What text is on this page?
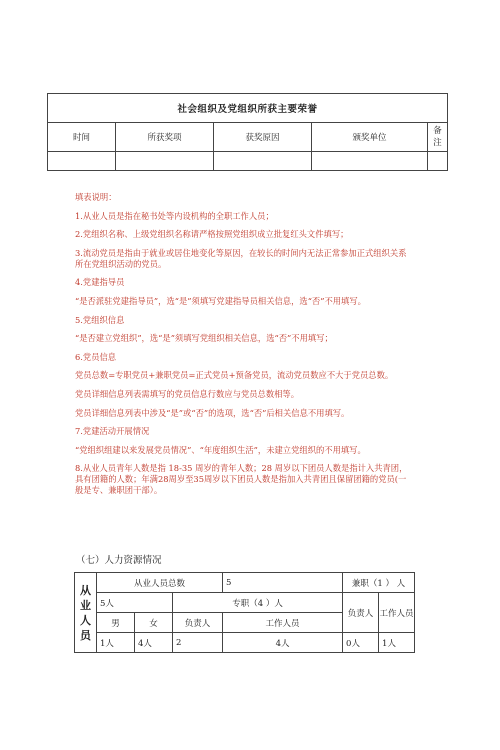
社会组织及党组织所获主要荣誉				
时间	所获奖项	获奖原因	颁奖单位	备
注

填表说明：
1.从业人员是指在秘书处等内设机构的全职工作人员；
2.党组织名称、上级党组织名称请严格按照党组织成立批复红头文件填写；
3.流动党员是指由于就业或居住地变化等原因，在较长的时间内无法正常参加正式组织关系
所在党组织活动的党员。
4.党建指导员
“是否派驻党建指导员”，选“是”须填写党建指导员相关信息，选“否”不用填写。
5.党组织信息
“是否建立党组织”，选“是”须填写党组织相关信息，选“否”不用填写；
6.党员信息
党员总数=专职党员+兼职党员=正式党员+预备党员，流动党员数应不大于党员总数。
党员详细信息列表需填写的党员信息行数应与党员总数相等。
党员详细信息列表中涉及“是”或“否”的选项，选“否”后相关信息不用填写。
7.党建活动开展情况
“党组织组建以来发展党员情况”、“年度组织生活”，未建立党组织的不用填写。
8.从业人员青年人数是指 18-35 周岁的青年人数；28 周岁以下团员人数是指计入共青团，
具有团籍的人数；年满28周岁至35周岁以下团员人数是指加入共青团且保留团籍的党员(一
般是专、兼职团干部）。
（七）人力资源情况
从业人员	从业人员总数			5	兼职（1 ） 人	
	5人		专职（4 ）人		负责人	工作人员
	男	女	负责人	工作人员		
	1人	4人	2	4人	0人	1人
